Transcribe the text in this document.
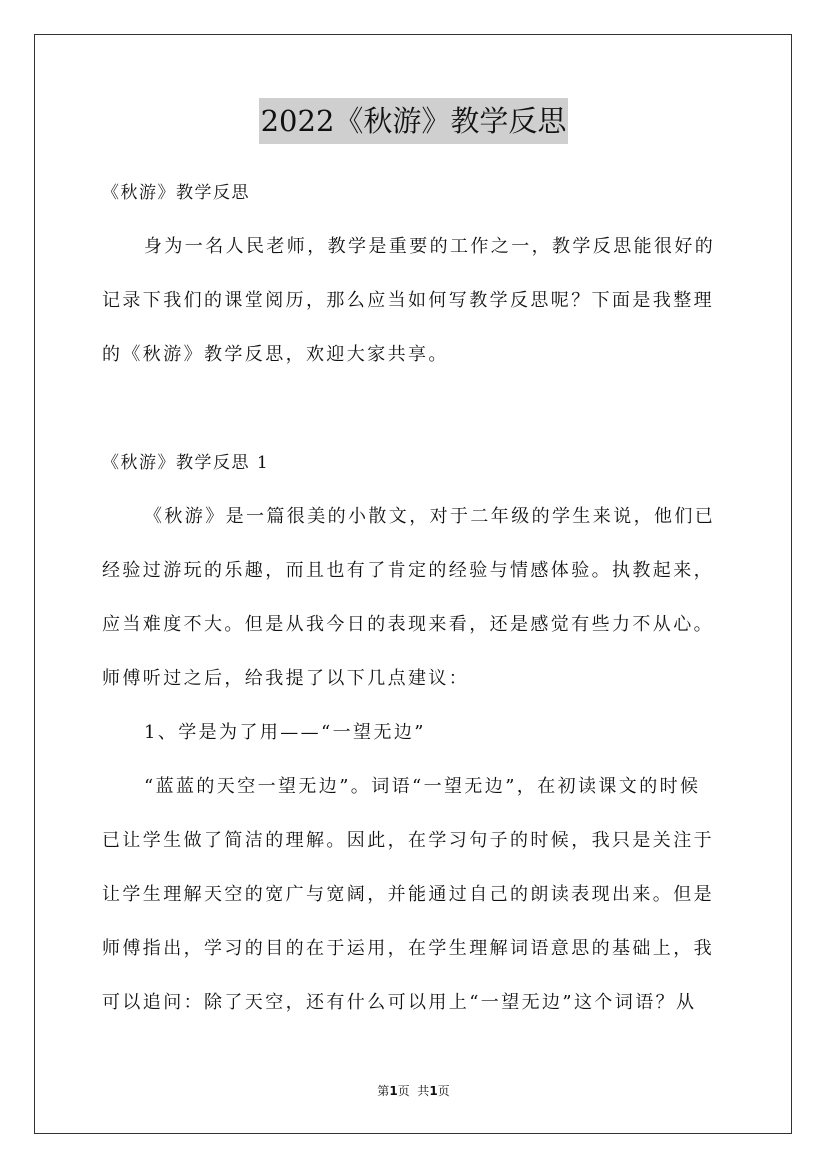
2022《秋游》教学反思
《秋游》教学反思
身为一名人民老师，教学是重要的工作之一，教学反思能很好的
记录下我们的课堂阅历，那么应当如何写教学反思呢？下面是我整理
的《秋游》教学反思，欢迎大家共享。
《秋游》教学反思 1
《秋游》是一篇很美的小散文，对于二年级的学生来说，他们已
经验过游玩的乐趣，而且也有了肯定的经验与情感体验。执教起来，
应当难度不大。但是从我今日的表现来看，还是感觉有些力不从心。
师傅听过之后，给我提了以下几点建议：
1、学是为了用——“一望无边”
“蓝蓝的天空一望无边”。词语“一望无边”，在初读课文的时候
已让学生做了简洁的理解。因此，在学习句子的时候，我只是关注于
让学生理解天空的宽广与宽阔，并能通过自己的朗读表现出来。但是
师傅指出，学习的目的在于运用，在学生理解词语意思的基础上，我
可以追问：除了天空，还有什么可以用上“一望无边”这个词语？从
第1页  共1页
